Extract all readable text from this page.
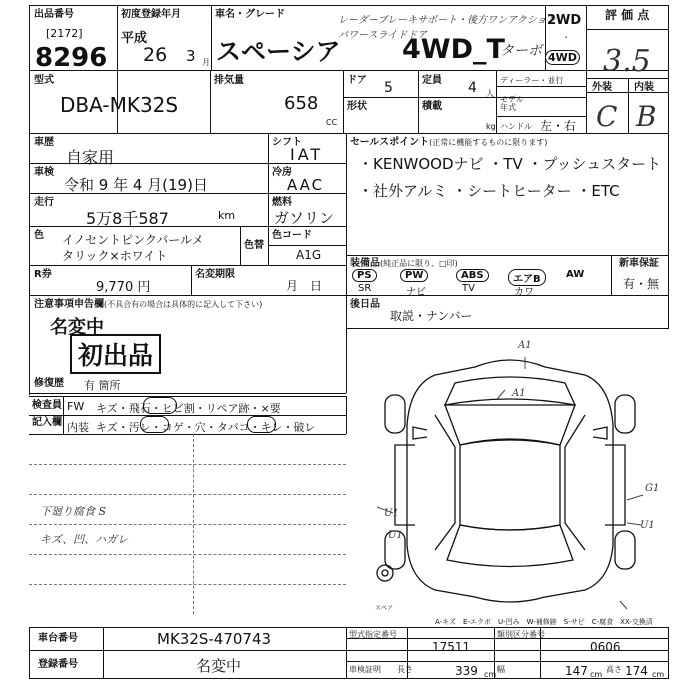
出品番号
[2172]
8296
初度登録年月
平成
26 3 月
車名・グレード
スペーシア
レーダーブレーキサポート・後方ワンアクション
パワースライドドア
4WD_T
ターボ
2WD
・
4WD
評 価 点
3.5
外装 内装
C B
型式
DBA-MK32S
排気量
658
CC
ドア 5	定員 4 人
形状	積載
kg
ディーラー・並行
モデル年式
ハンドル 左・右
車歴
自家用
シフト
IAT
車検
令和 9 年 4 月(19)日
冷房
AAC
走行
5万8千587	km
燃料
ガソリン
色 イノセントピンクパールメ
タリック×ホワイト
色替
色コード
A1G
R券
9,770 円
名変期限
月　日
セールスポイント(正常に機能するものに限ります)
・KENWOODナビ ・TV ・プッシュスタート
・社外アルミ ・シートヒーター ・ETC
装備品(純正品に限り、□印)	新車保証
有・無
PS	PW	ABS	エアB	AW
SR	ナビ	TV	カワ
注意事項申告欄(不具合有の場合は具体的に記入して下さい)
名変中
初出品
修復歴 有 箇所
後日品
取説・ナンバー
検査員
記入欄
FW キズ・飛石・ヒビ割・リペア跡・×要
内装 キズ・汚レ・コゲ・穴・タバコ・キレ・破レ
下廻り腐食 S
キズ、凹、ハガレ
A1
A1
U1
U1
G1
U1
スペア
A-キズ　E-エクボ　U-凹み　W-補修跡　S-サビ　C-腐食　XX-交換済
車台番号	MK32S-470743
登録番号	名変中
型式指定番号
17511
類別区分番号
0606
車検証明 長さ	339 cm
幅	147 cm
高さ 174 cm
